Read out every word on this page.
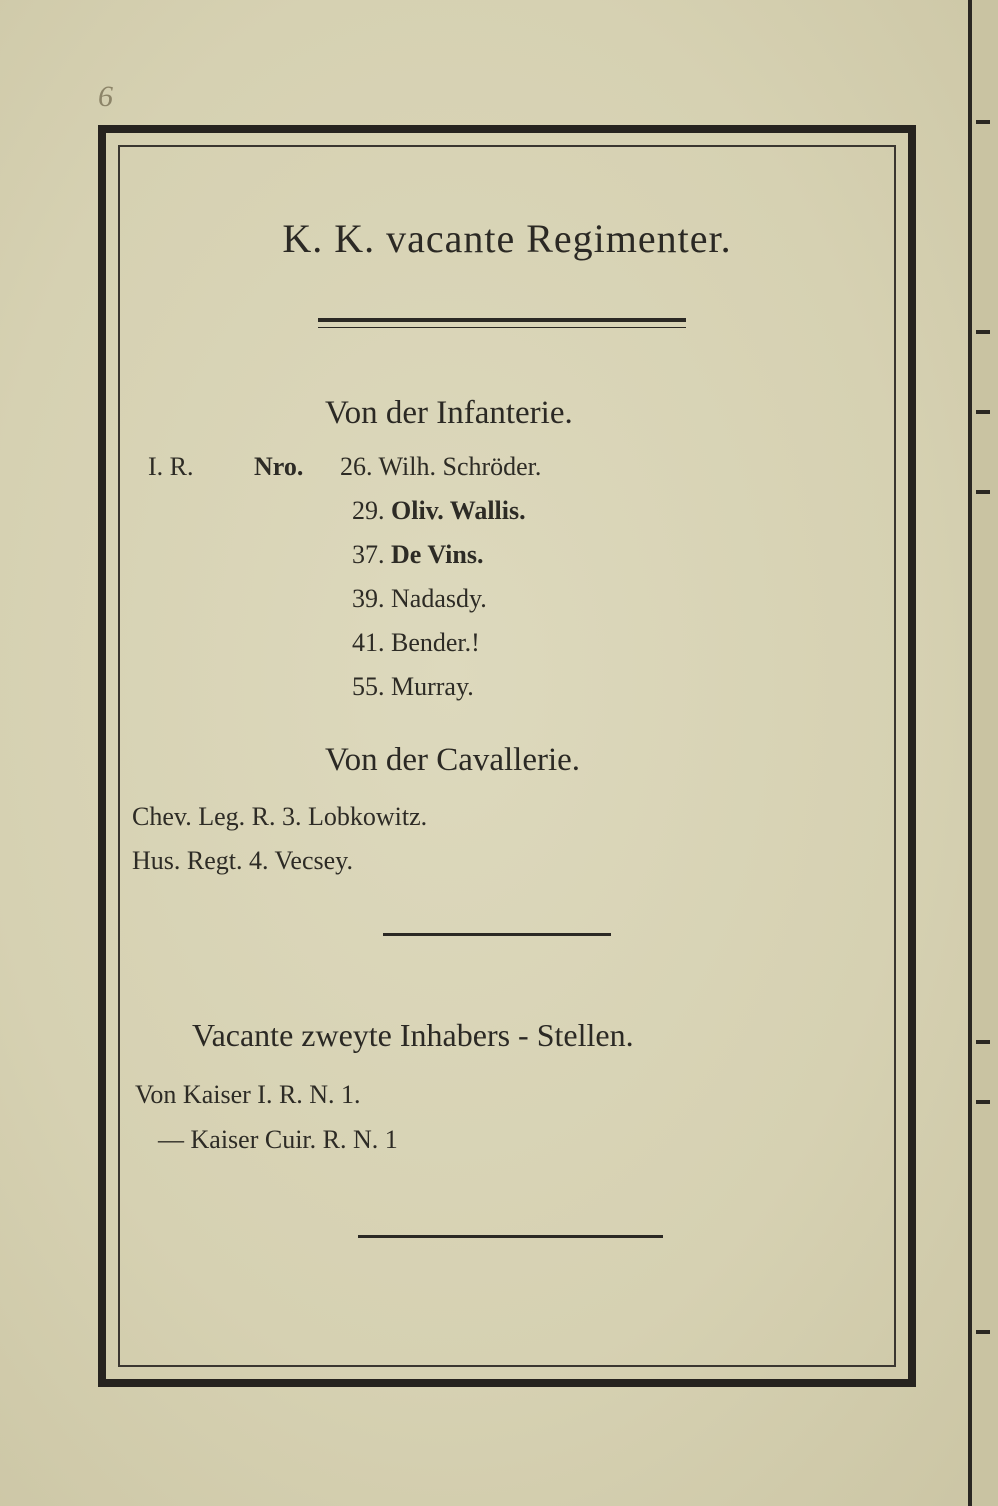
6
K. K. vacante Regimenter.
Von der Infanterie.
I. R. Nro. 26. Wilh. Schröder.
29. Oliv. Wallis.
37. De Vins.
39. Nadasdy.
41. Bender.!
55. Murray.
Von der Cavallerie.
Chev. Leg. R. 3. Lobkowitz.
Hus. Regt. 4. Vecsey.
Vacante zweyte Inhabers - Stellen.
Von Kaiser I. R. N. 1.
— Kaiser Cuir. R. N. 1
